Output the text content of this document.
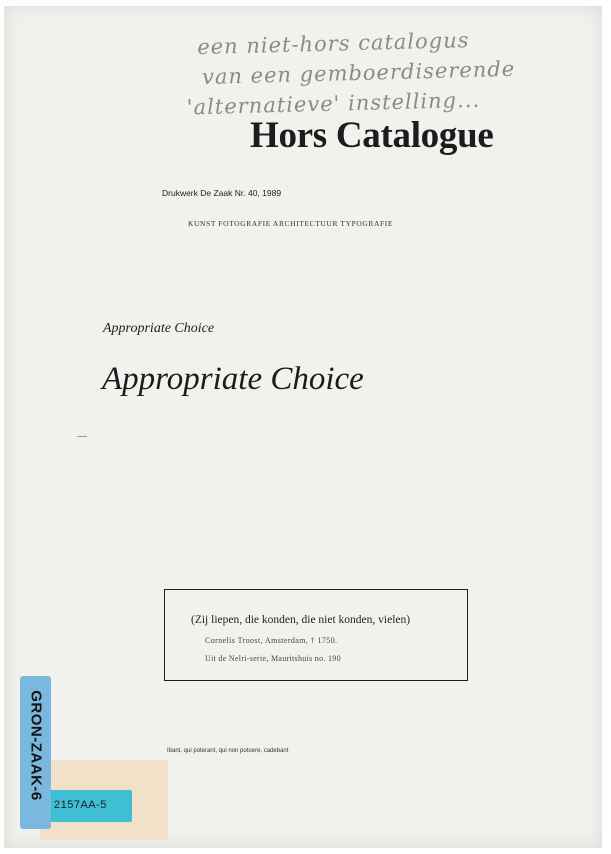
een niet-hors catalogus
van een gemboerdiserende
'alternatieve' instelling...
Hors Catalogue
Drukwerk De Zaak Nr. 40, 1989
KUNST FOTOGRAFIE ARCHITECTUUR TYPOGRAFIE
Appropriate Choice
Appropriate Choice
(Zij liepen, die konden, die niet konden, vielen)
Cornelis Troost, Amsterdam, † 1750.
Uit de Nelri-serie, Mauritshuis no. 190
Ibant, qui poterant, qui non potuere, cadebant
2157AA-5
GRON-ZAAK-6
